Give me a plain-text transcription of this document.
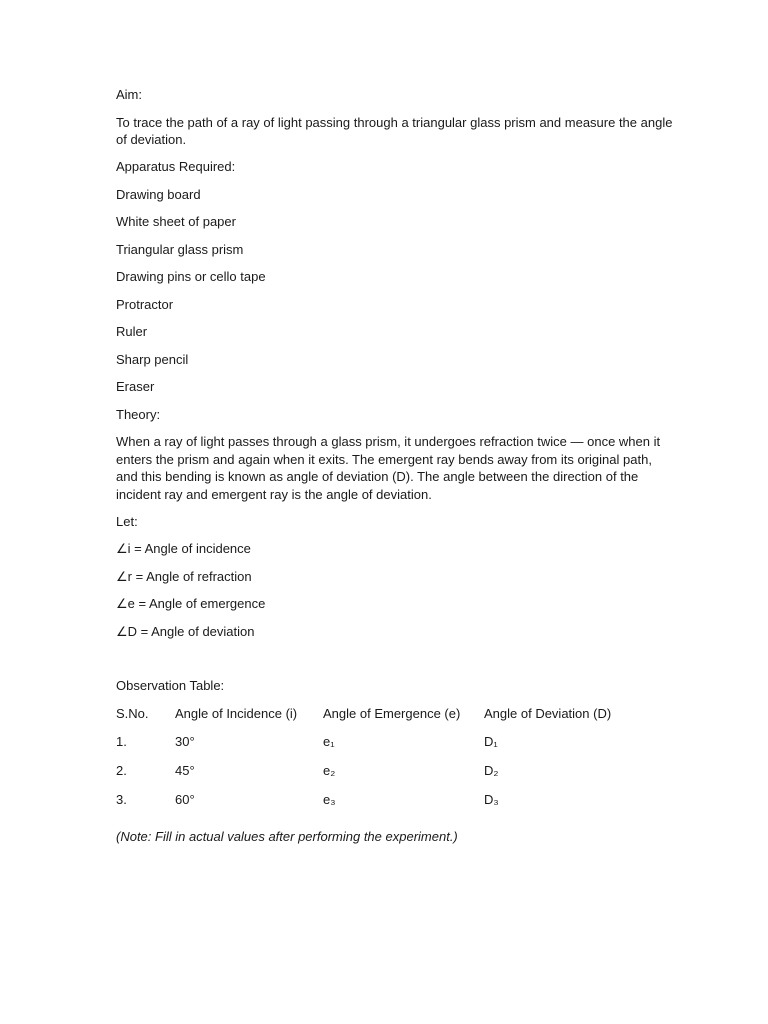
Aim:
To trace the path of a ray of light passing through a triangular glass prism and measure the angle of deviation.
Apparatus Required:
Drawing board
White sheet of paper
Triangular glass prism
Drawing pins or cello tape
Protractor
Ruler
Sharp pencil
Eraser
Theory:
When a ray of light passes through a glass prism, it undergoes refraction twice — once when it enters the prism and again when it exits. The emergent ray bends away from its original path, and this bending is known as angle of deviation (D). The angle between the direction of the incident ray and emergent ray is the angle of deviation.
Let:
∠i = Angle of incidence
∠r = Angle of refraction
∠e = Angle of emergence
∠D = Angle of deviation
Observation Table:
S.No.	Angle of Incidence (i)	Angle of Emergence (e)	Angle of Deviation (D)
1.	30°	e₁	D₁
2.	45°	e₂	D₂
3.	60°	e₃	D₃
(Note: Fill in actual values after performing the experiment.)
